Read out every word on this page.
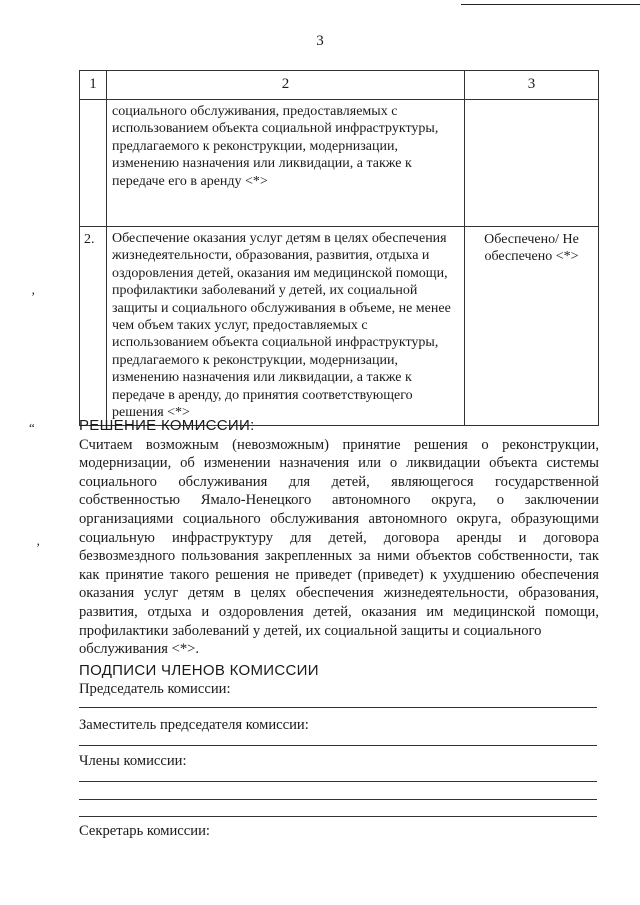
3
1	2	3
	социального обслуживания, предоставляемых с использованием объекта социальной инфраструктуры, предлагаемого к реконструкции, модернизации, изменению назначения или ликвидации, а также к передаче его в аренду <*>	
2.	Обеспечение оказания услуг детям в целях обеспечения жизнедеятельности, образования, развития, отдыха и оздоровления детей, оказания им медицинской помощи, профилактики заболеваний у детей, их социальной защиты и социального обслуживания в объеме, не менее чем объем таких услуг, предоставляемых с использованием объекта социальной инфраструктуры, предлагаемого к реконструкции, модернизации, изменению назначения или ликвидации, а также к передаче в аренду, до принятия соответствующего решения <*>	Обеспечено/ Не обеспечено <*>
РЕШЕНИЕ КОМИССИИ:
Считаем возможным (невозможным) принятие решения о реконструкции, модернизации, об изменении назначения или о ликвидации объекта системы социального обслуживания для детей, являющегося государственной собственностью Ямало-Ненецкого автономного округа, о заключении организациями социального обслуживания автономного округа, образующими социальную инфраструктуру для детей, договора аренды и договора безвозмездного пользования закрепленных за ними объектов собственности, так как принятие такого решения не приведет (приведет) к ухудшению обеспечения оказания услуг детям в целях обеспечения жизнедеятельности, образования, развития, отдыха и оздоровления детей, оказания им медицинской помощи, профилактики заболеваний у детей, их социальной защиты и социального
обслуживания <*>.
ПОДПИСИ ЧЛЕНОВ КОМИССИИ
Председатель комиссии:
Заместитель председателя комиссии:
Члены комиссии:
Секретарь комиссии:
’
“
’
